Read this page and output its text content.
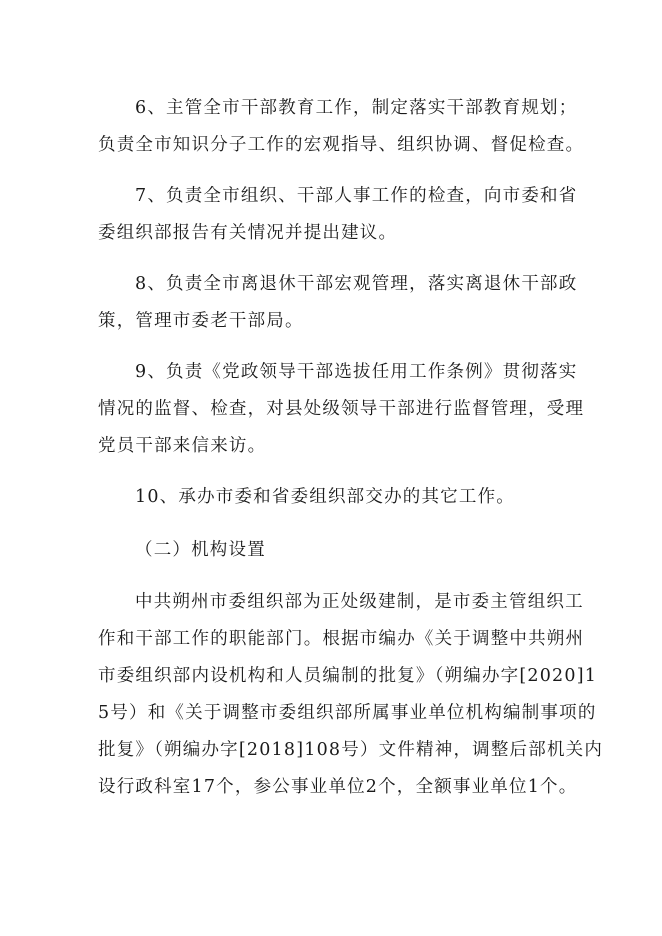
6、主管全市干部教育工作，制定落实干部教育规划；
负责全市知识分子工作的宏观指导、组织协调、督促检查。
7、负责全市组织、干部人事工作的检查，向市委和省
委组织部报告有关情况并提出建议。
8、负责全市离退休干部宏观管理，落实离退休干部政
策，管理市委老干部局。
9、负责《党政领导干部选拔任用工作条例》贯彻落实
情况的监督、检查，对县处级领导干部进行监督管理，受理
党员干部来信来访。
10、承办市委和省委组织部交办的其它工作。
（二）机构设置
中共朔州市委组织部为正处级建制，是市委主管组织工
作和干部工作的职能部门。根据市编办《关于调整中共朔州
市委组织部内设机构和人员编制的批复》（朔编办字[2020]1
5号）和《关于调整市委组织部所属事业单位机构编制事项的
批复》（朔编办字[2018]108号）文件精神，调整后部机关内
设行政科室17个，参公事业单位2个，全额事业单位1个。
